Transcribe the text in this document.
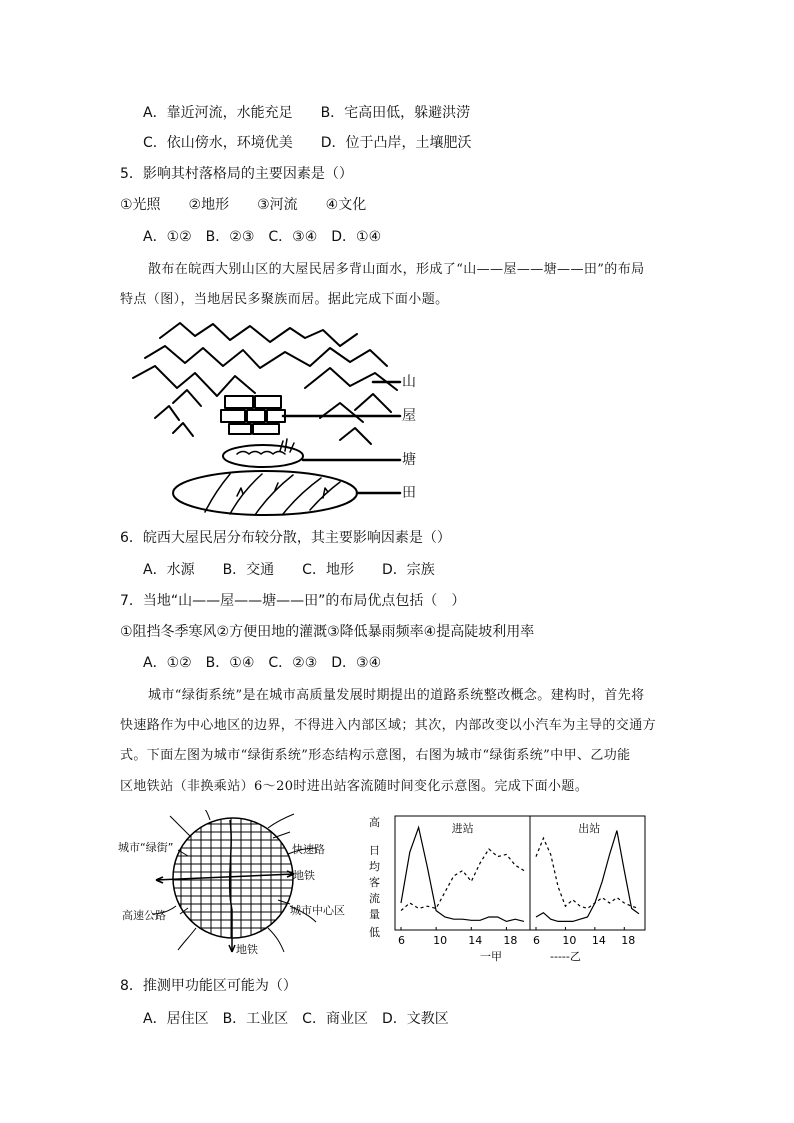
A．靠近河流，水能充足　　B．宅高田低，躲避洪涝
C．依山傍水，环境优美　　D．位于凸岸，土壤肥沃
5．影响其村落格局的主要因素是（）
①光照　　②地形　　③河流　　④文化
A．①②　B．②③　C．③④　D．①④
散布在皖西大别山区的大屋民居多背山面水，形成了“山——屋——塘——田”的布局
特点（图），当地居民多聚族而居。据此完成下面小题。
山
屋
塘
田
6．皖西大屋民居分布较分散，其主要影响因素是（）
A．水源　　B．交通　　C．地形　　D．宗族
7．当地“山——屋——塘——田”的布局优点包括（　）
①阻挡冬季寒风②方便田地的灌溉③降低暴雨频率④提高陡坡利用率
A．①②　B．①④　C．②③　D．③④
城市“绿街系统”是在城市高质量发展时期提出的道路系统整改概念。建构时，首先将
快速路作为中心地区的边界，不得进入内部区域；其次，内部改变以小汽车为主导的交通方
式。下面左图为城市“绿街系统”形态结构示意图，右图为城市“绿街系统”中甲、乙功能
区地铁站（非换乘站）6～20时进出站客流随时间变化示意图。完成下面小题。
城市“绿街”	快速路
地铁
高速公路	城市中心区
地铁
高
日
均
客
流
量
低
进站
6	10 14 18
出站
6 10 14 18
一甲	-----乙
8．推测甲功能区可能为（）
A．居住区　B．工业区　C．商业区　D．文教区
